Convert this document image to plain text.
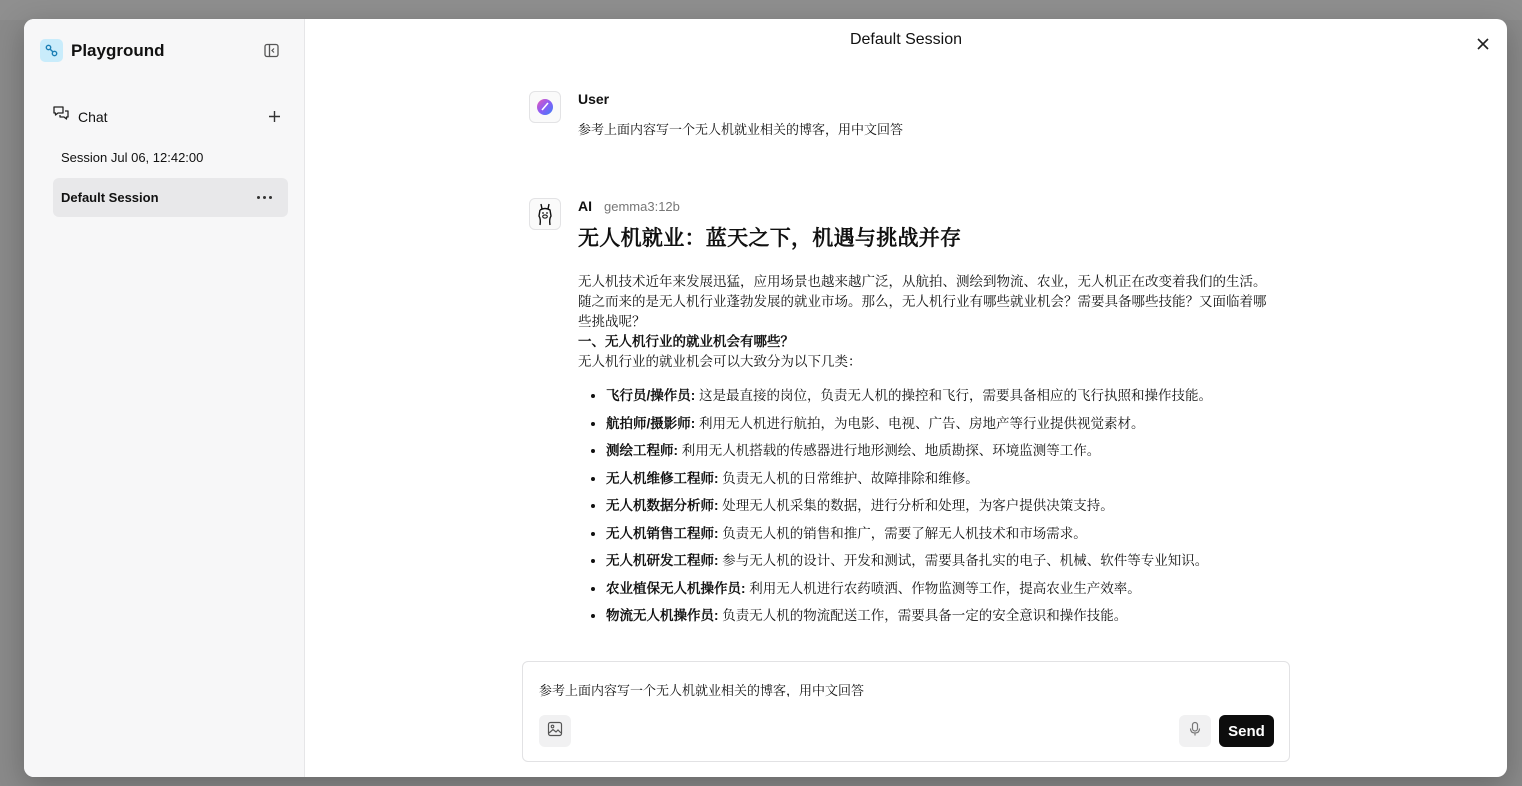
Playground
Chat
Session Jul 06, 12:42:00
Default Session
Default Session
User
参考上面内容写一个无人机就业相关的博客，用中文回答
AI gemma3:12b
无人机就业：蓝天之下，机遇与挑战并存

无人机技术近年来发展迅猛，应用场景也越来越广泛，从航拍、测绘到物流、农业，无人机正在改变着我们的生活。随之而来的是无人机行业蓬勃发展的就业市场。那么，无人机行业有哪些就业机会？需要具备哪些技能？又面临着哪些挑战呢？

一、无人机行业的就业机会有哪些？
无人机行业的就业机会可以大致分为以下几类：
• 飞行员/操作员: 这是最直接的岗位，负责无人机的操控和飞行，需要具备相应的飞行执照和操作技能。
• 航拍师/摄影师: 利用无人机进行航拍，为电影、电视、广告、房地产等行业提供视觉素材。
• 测绘工程师: 利用无人机搭载的传感器进行地形测绘、地质勘探、环境监测等工作。
• 无人机维修工程师: 负责无人机的日常维护、故障排除和维修。
• 无人机数据分析师: 处理无人机采集的数据，进行分析和处理，为客户提供决策支持。
• 无人机销售工程师: 负责无人机的销售和推广，需要了解无人机技术和市场需求。
• 无人机研发工程师: 参与无人机的设计、开发和测试，需要具备扎实的电子、机械、软件等专业知识。
• 农业植保无人机操作员: 利用无人机进行农药喷洒、作物监测等工作，提高农业生产效率。
• 物流无人机操作员: 负责无人机的物流配送工作，需要具备一定的安全意识和操作技能。
参考上面内容写一个无人机就业相关的博客，用中文回答
Send
